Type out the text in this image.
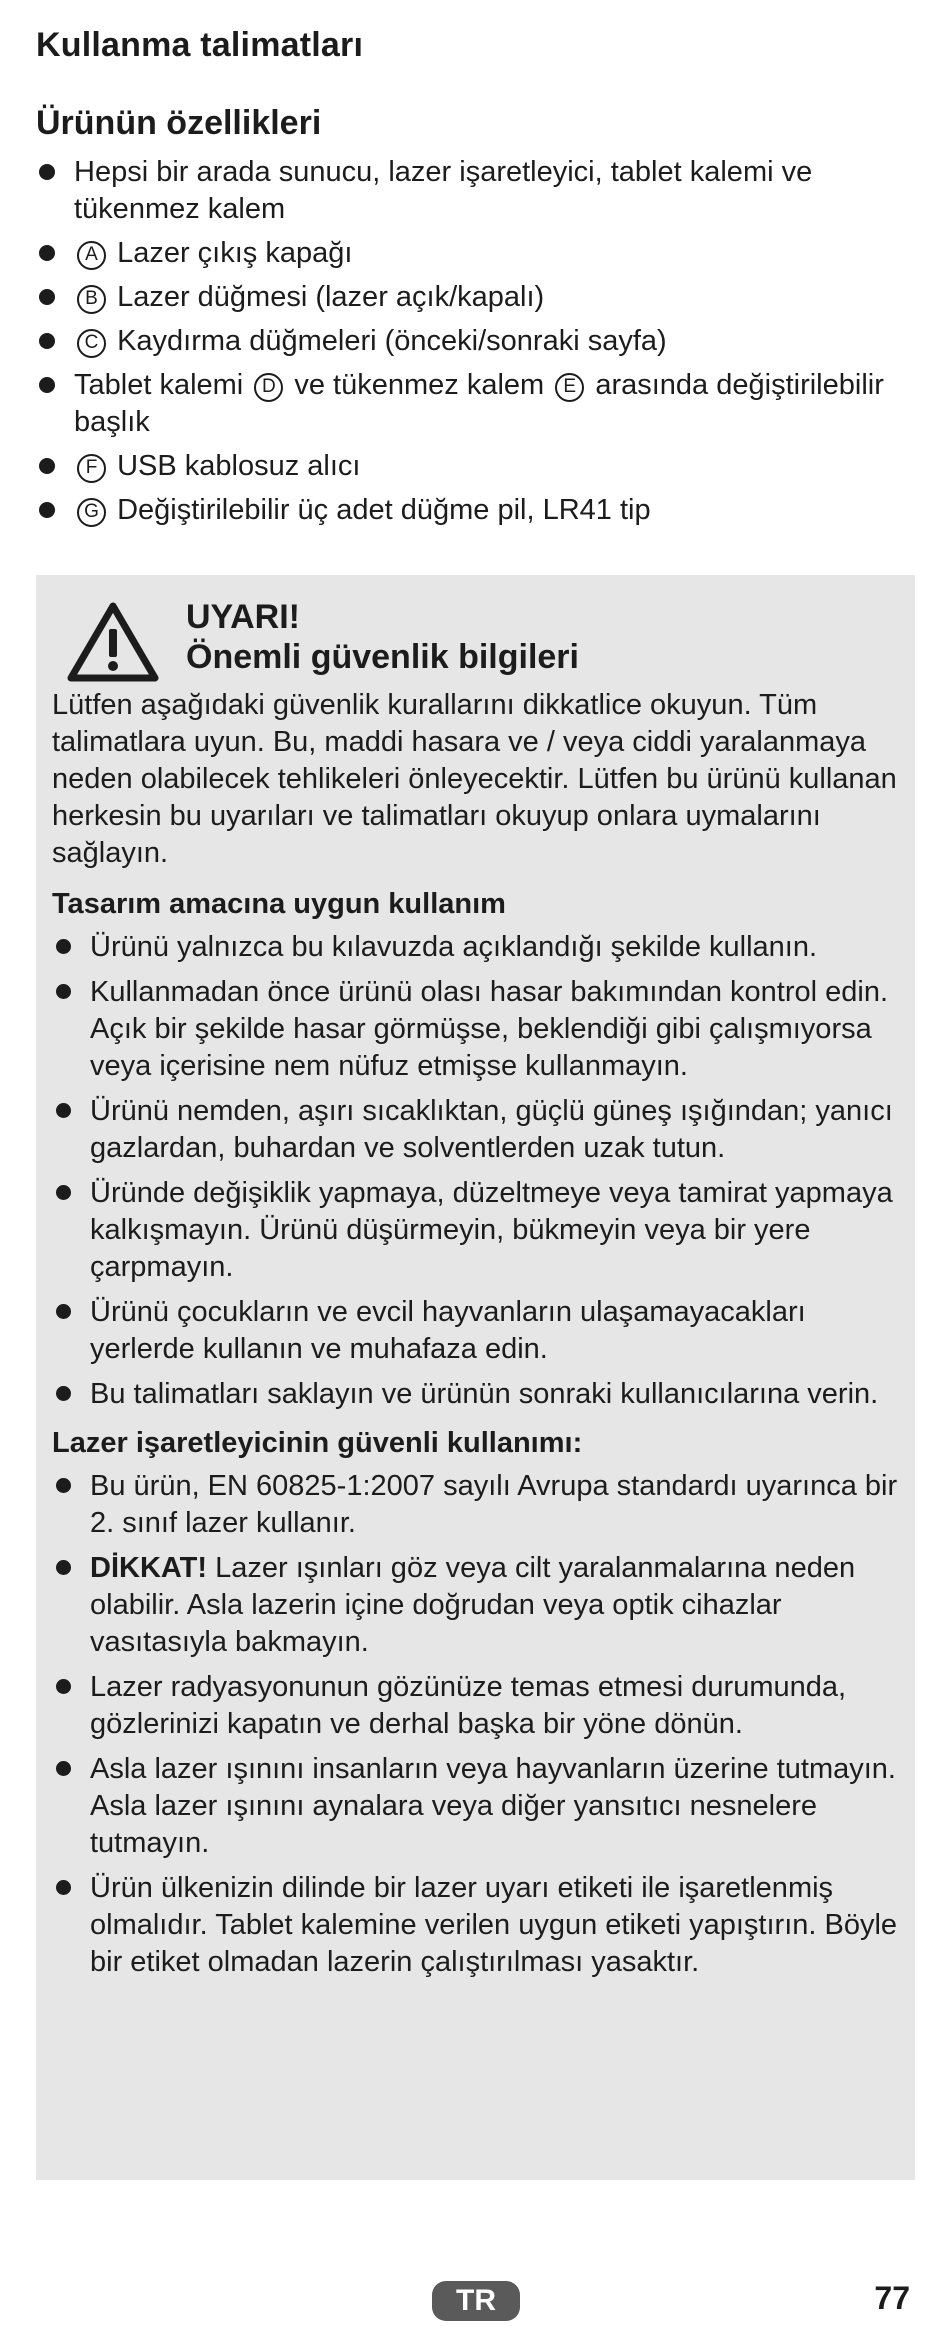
Kullanma talimatları
Ürünün özellikleri
Hepsi bir arada sunucu, lazer işaretleyici, tablet kalemi ve tükenmez kalem
A Lazer çıkış kapağı
B Lazer düğmesi (lazer açık/kapalı)
C Kaydırma düğmeleri (önceki/sonraki sayfa)
Tablet kalemi D ve tükenmez kalem E arasında değiştirilebilir başlık
F USB kablosuz alıcı
G Değiştirilebilir üç adet düğme pil, LR41 tip
UYARI!
Önemli güvenlik bilgileri

Lütfen aşağıdaki güvenlik kurallarını dikkatlice okuyun. Tüm talimatlara uyun. Bu, maddi hasara ve / veya ciddi yaralanmaya neden olabilecek tehlikeleri önleyecektir. Lütfen bu ürünü kullanan herkesin bu uyarıları ve talimatları okuyup onlara uymalarını sağlayın.

Tasarım amacına uygun kullanım
Ürünü yalnızca bu kılavuzda açıklandığı şekilde kullanın.
Kullanmadan önce ürünü olası hasar bakımından kontrol edin. Açık bir şekilde hasar görmüşse, beklendiği gibi çalışmıyorsa veya içerisine nem nüfuz etmişse kullanmayın.
Ürünü nemden, aşırı sıcaklıktan, güçlü güneş ışığından; yanıcı gazlardan, buhardan ve solventlerden uzak tutun.
Üründe değişiklik yapmaya, düzeltmeye veya tamirat yapmaya kalkışmayın. Ürünü düşürmeyin, bükmeyin veya bir yere çarpmayın.
Ürünü çocukların ve evcil hayvanların ulaşamayacakları yerlerde kullanın ve muhafaza edin.
Bu talimatları saklayın ve ürünün sonraki kullanıcılarına verin.
Lazer işaretleyicinin güvenli kullanımı:
Bu ürün, EN 60825-1:2007 sayılı Avrupa standardı uyarınca bir 2. sınıf lazer kullanır.
DİKKAT! Lazer ışınları göz veya cilt yaralanmalarına neden olabilir. Asla lazerin içine doğrudan veya optik cihazlar vasıtasıyla bakmayın.
Lazer radyasyonunun gözünüze temas etmesi durumunda, gözlerinizi kapatın ve derhal başka bir yöne dönün.
Asla lazer ışınını insanların veya hayvanların üzerine tutmayın. Asla lazer ışınını aynalara veya diğer yansıtıcı nesnelere tutmayın.
Ürün ülkenizin dilinde bir lazer uyarı etiketi ile işaretlenmiş olmalıdır. Tablet kalemine verilen uygun etiketi yapıştırın. Böyle bir etiket olmadan lazerin çalıştırılması yasaktır.
TR	77
